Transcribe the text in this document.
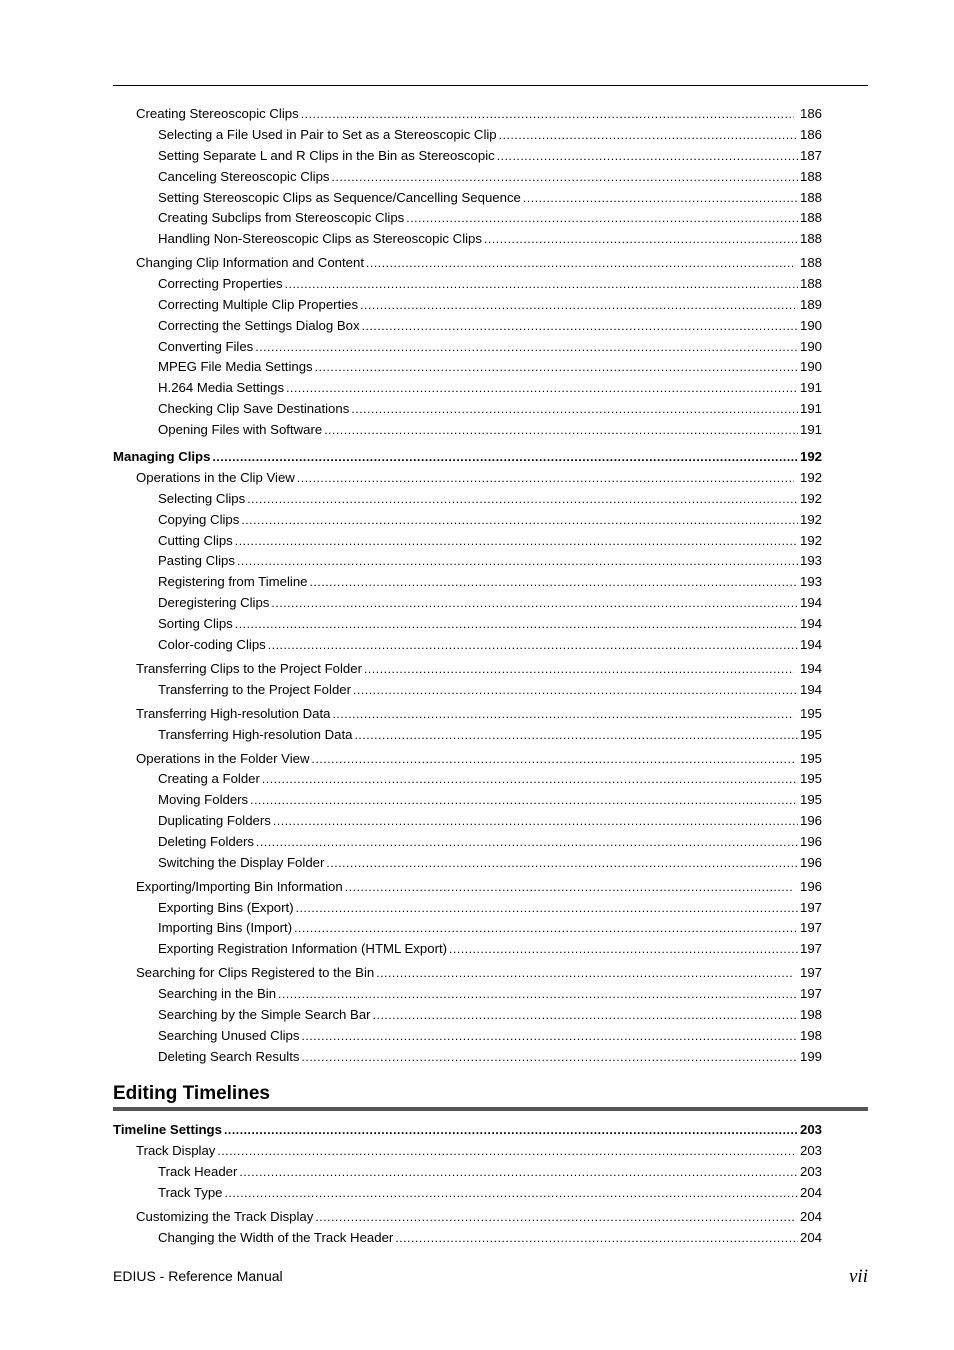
Creating Stereoscopic Clips .....	186
Selecting a File Used in Pair to Set as a Stereoscopic Clip .....	186
Setting Separate L and R Clips in the Bin as Stereoscopic .....	187
Canceling Stereoscopic Clips .....	188
Setting Stereoscopic Clips as Sequence/Cancelling Sequence .....	188
Creating Subclips from Stereoscopic Clips .....	188
Handling Non-Stereoscopic Clips as Stereoscopic Clips .....	188
Changing Clip Information and Content .....	188
Correcting Properties .....	188
Correcting Multiple Clip Properties .....	189
Correcting the Settings Dialog Box .....	190
Converting Files .....	190
MPEG File Media Settings .....	190
H.264 Media Settings .....	191
Checking Clip Save Destinations .....	191
Opening Files with Software .....	191
Managing Clips .....	192
Operations in the Clip View .....	192
Selecting Clips .....	192
Copying Clips .....	192
Cutting Clips .....	192
Pasting Clips .....	193
Registering from Timeline .....	193
Deregistering Clips .....	194
Sorting Clips .....	194
Color-coding Clips .....	194
Transferring Clips to the Project Folder .....	194
Transferring to the Project Folder .....	194
Transferring High-resolution Data .....	195
Transferring High-resolution Data .....	195
Operations in the Folder View .....	195
Creating a Folder .....	195
Moving Folders .....	195
Duplicating Folders .....	196
Deleting Folders .....	196
Switching the Display Folder .....	196
Exporting/Importing Bin Information .....	196
Exporting Bins (Export) .....	197
Importing Bins (Import) .....	197
Exporting Registration Information (HTML Export) .....	197
Searching for Clips Registered to the Bin .....	197
Searching in the Bin .....	197
Searching by the Simple Search Bar .....	198
Searching Unused Clips .....	198
Deleting Search Results .....	199
Timeline Settings .....	203
Track Display .....	203
Track Header .....	203
Track Type .....	204
Customizing the Track Display .....	204
Changing the Width of the Track Header .....	204
Editing Timelines
EDIUS - Reference Manual	vii
